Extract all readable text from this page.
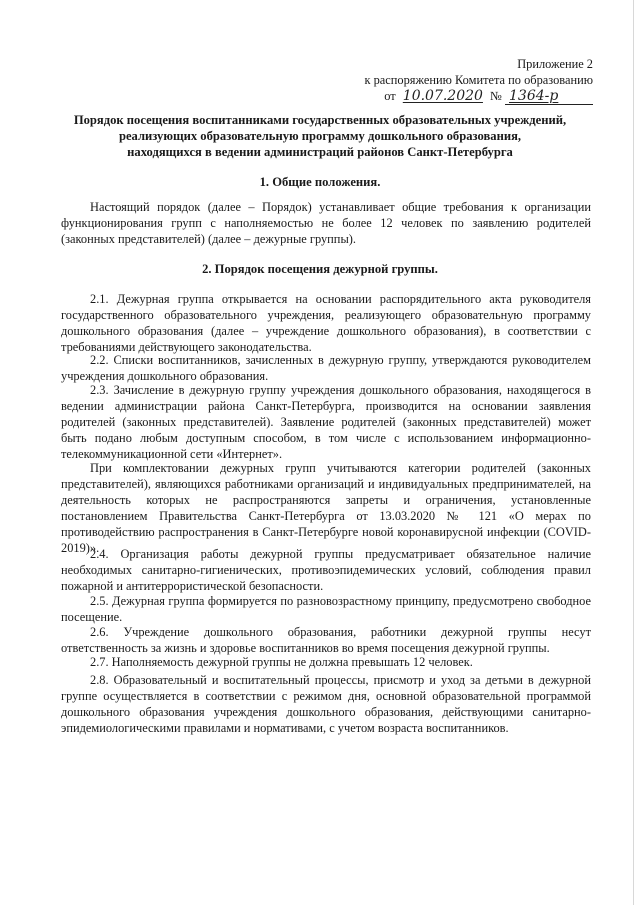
Приложение 2
к распоряжению Комитета по образованию
от 10.07.2020 № 1364-р
Порядок посещения воспитанниками государственных образовательных учреждений,
реализующих образовательную программу дошкольного образования,
находящихся в ведении администраций районов Санкт-Петербурга
1. Общие положения.
Настоящий порядок (далее – Порядок) устанавливает общие требования к организации функционирования групп с наполняемостью не более 12 человек по заявлению родителей (законных представителей) (далее – дежурные группы).
2. Порядок посещения дежурной группы.
2.1. Дежурная группа открывается на основании распорядительного акта руководителя государственного образовательного учреждения, реализующего образовательную программу дошкольного образования (далее – учреждение дошкольного образования), в соответствии с требованиями действующего законодательства.
2.2. Списки воспитанников, зачисленных в дежурную группу, утверждаются руководителем учреждения дошкольного образования.
2.3. Зачисление в дежурную группу учреждения дошкольного образования, находящегося в ведении администрации района Санкт-Петербурга, производится на основании заявления родителей (законных представителей). Заявление родителей (законных представителей) может быть подано любым доступным способом, в том числе с использованием информационно-телекоммуникационной сети «Интернет».
При комплектовании дежурных групп учитываются категории родителей (законных представителей), являющихся работниками организаций и индивидуальных предпринимателей, на деятельность которых не распространяются запреты и ограничения, установленные постановлением Правительства Санкт-Петербурга от 13.03.2020 № 121 «О мерах по противодействию распространения в Санкт-Петербурге новой коронавирусной инфекции (COVID-2019)».
2.4. Организация работы дежурной группы предусматривает обязательное наличие необходимых санитарно-гигиенических, противоэпидемических условий, соблюдения правил пожарной и антитеррористической безопасности.
2.5. Дежурная группа формируется по разновозрастному принципу, предусмотрено свободное посещение.
2.6. Учреждение дошкольного образования, работники дежурной группы несут ответственность за жизнь и здоровье воспитанников во время посещения дежурной группы.
2.7. Наполняемость дежурной группы не должна превышать 12 человек.
2.8. Образовательный и воспитательный процессы, присмотр и уход за детьми в дежурной группе осуществляется в соответствии с режимом дня, основной образовательной программой дошкольного образования учреждения дошкольного образования, действующими санитарно-эпидемиологическими правилами и нормативами, с учетом возраста воспитанников.
